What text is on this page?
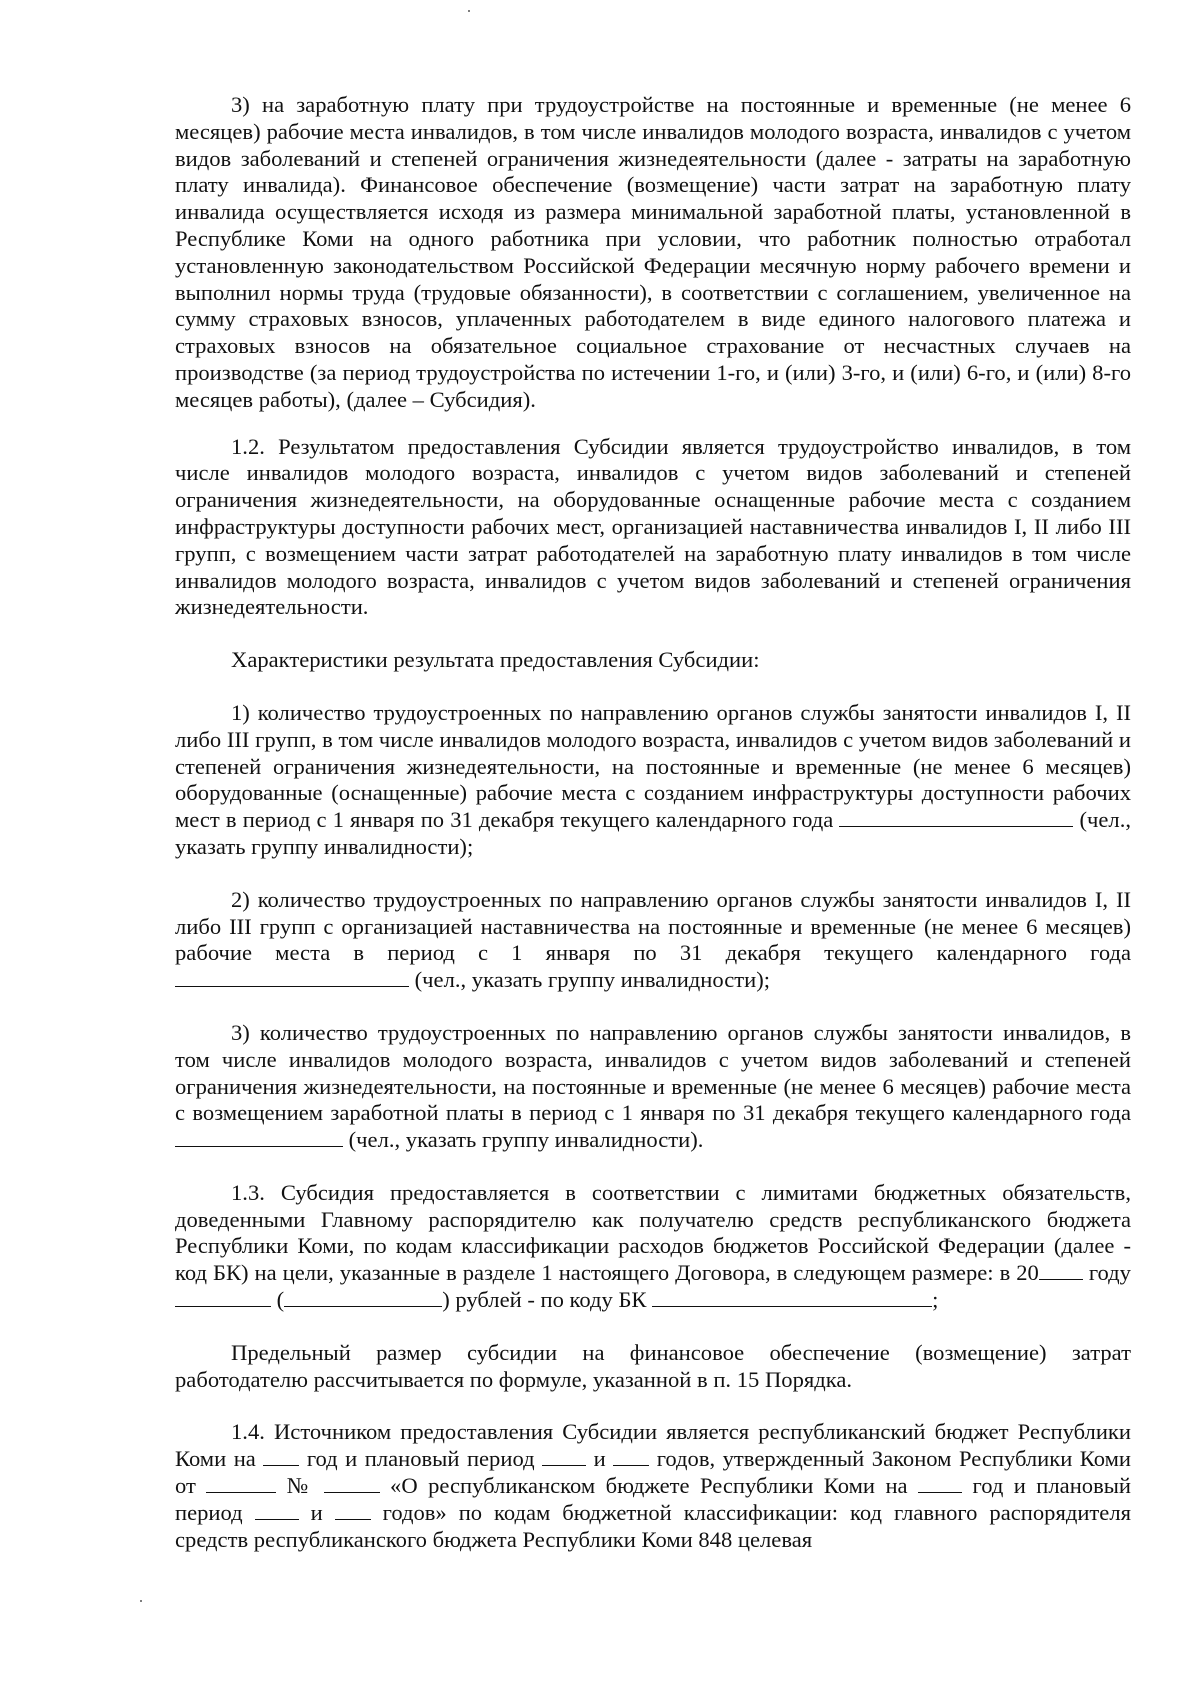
3) на заработную плату при трудоустройстве на постоянные и временные (не менее 6 месяцев) рабочие места инвалидов, в том числе инвалидов молодого возраста, инвалидов с учетом видов заболеваний и степеней ограничения жизнедеятельности (далее - затраты на заработную плату инвалида). Финансовое обеспечение (возмещение) части затрат на заработную плату инвалида осуществляется исходя из размера минимальной заработной платы, установленной в Республике Коми на одного работника при условии, что работник полностью отработал установленную законодательством Российской Федерации месячную норму рабочего времени и выполнил нормы труда (трудовые обязанности), в соответствии с соглашением, увеличенное на сумму страховых взносов, уплаченных работодателем в виде единого налогового платежа и страховых взносов на обязательное социальное страхование от несчастных случаев на производстве (за период трудоустройства по истечении 1-го, и (или) 3-го, и (или) 6-го, и (или) 8-го месяцев работы), (далее – Субсидия).

1.2. Результатом предоставления Субсидии является трудоустройство инвалидов, в том числе инвалидов молодого возраста, инвалидов с учетом видов заболеваний и степеней ограничения жизнедеятельности, на оборудованные оснащенные рабочие места с созданием инфраструктуры доступности рабочих мест, организацией наставничества инвалидов I, II либо III групп, с возмещением части затрат работодателей на заработную плату инвалидов в том числе инвалидов молодого возраста, инвалидов с учетом видов заболеваний и степеней ограничения жизнедеятельности.

Характеристики результата предоставления Субсидии:

1) количество трудоустроенных по направлению органов службы занятости инвалидов I, II либо III групп, в том числе инвалидов молодого возраста, инвалидов с учетом видов заболеваний и степеней ограничения жизнедеятельности, на постоянные и временные (не менее 6 месяцев) оборудованные (оснащенные) рабочие места с созданием инфраструктуры доступности рабочих мест в период с 1 января по 31 декабря текущего календарного года	(чел., указать группу инвалидности);

2) количество трудоустроенных по направлению органов службы занятости инвалидов I, II либо III групп с организацией наставничества на постоянные и временные (не менее 6 месяцев) рабочие места в период с 1 января по 31 декабря текущего календарного года  (чел., указать группу инвалидности);

3) количество трудоустроенных по направлению органов службы занятости инвалидов, в том числе инвалидов молодого возраста, инвалидов с учетом видов заболеваний и степеней ограничения жизнедеятельности, на постоянные и временные (не менее 6 месяцев) рабочие места с возмещением заработной платы в период с 1 января по 31 декабря текущего календарного года  (чел., указать группу инвалидности).

1.3. Субсидия предоставляется в соответствии с лимитами бюджетных обязательств, доведенными Главному распорядителю как получателю средств республиканского бюджета Республики Коми, по кодам классификации расходов бюджетов Российской Федерации (далее - код БК) на цели, указанные в разделе 1 настоящего Договора, в следующем размере: в 20 году  (	) рублей - по коду БК	;

Предельный размер субсидии на финансовое обеспечение (возмещение) затрат работодателю рассчитывается по формуле, указанной в п. 15 Порядка.

1.4. Источником предоставления Субсидии является республиканский бюджет Республики Коми на год и плановый период	и годов, утвержденный Законом Республики Коми от	№	«О республиканском бюджете Республики Коми на	год и плановый период	и	годов» по кодам бюджетной классификации: код главного распорядителя средств республиканского бюджета Республики Коми 848 целевая
